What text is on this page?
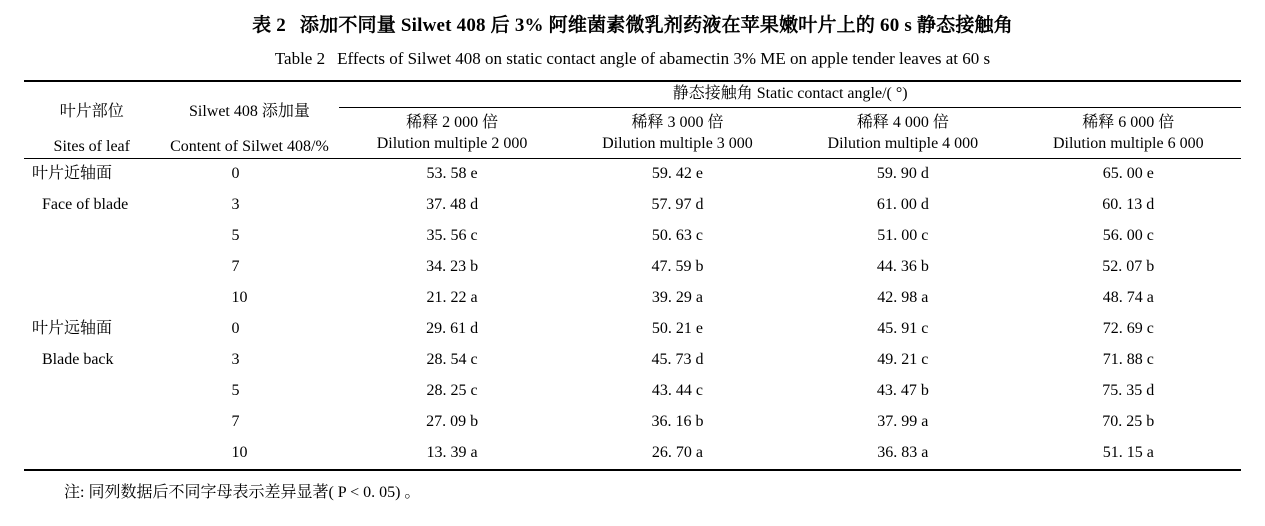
表 2 添加不同量 Silwet 408 后 3% 阿维菌素微乳剂药液在苹果嫩叶片上的 60 s 静态接触角
Table 2 Effects of Silwet 408 on static contact angle of abamectin 3% ME on apple tender leaves at 60 s

叶片部位	Silwet 408 添加量	静态接触角 Static contact angle/( °)			
		稀释 2 000 倍	稀释 3 000 倍	稀释 4 000 倍	稀释 6 000 倍
Sites of leaf	Content of Silwet 408/%	Dilution multiple 2 000	Dilution multiple 3 000	Dilution multiple 4 000	Dilution multiple 6 000

叶片近轴面	0	53. 58 e	59. 42 e	59. 90 d	65. 00 e
Face of blade	3	37. 48 d	57. 97 d	61. 00 d	60. 13 d
	5	35. 56 c	50. 63 c	51. 00 c	56. 00 c
	7	34. 23 b	47. 59 b	44. 36 b	52. 07 b
	10	21. 22 a	39. 29 a	42. 98 a	48. 74 a
叶片远轴面	0	29. 61 d	50. 21 e	45. 91 c	72. 69 c
Blade back	3	28. 54 c	45. 73 d	49. 21 c	71. 88 c
	5	28. 25 c	43. 44 c	43. 47 b	75. 35 d
	7	27. 09 b	36. 16 b	37. 99 a	70. 25 b
	10	13. 39 a	26. 70 a	36. 83 a	51. 15 a

注: 同列数据后不同字母表示差异显著( P < 0. 05) 。
